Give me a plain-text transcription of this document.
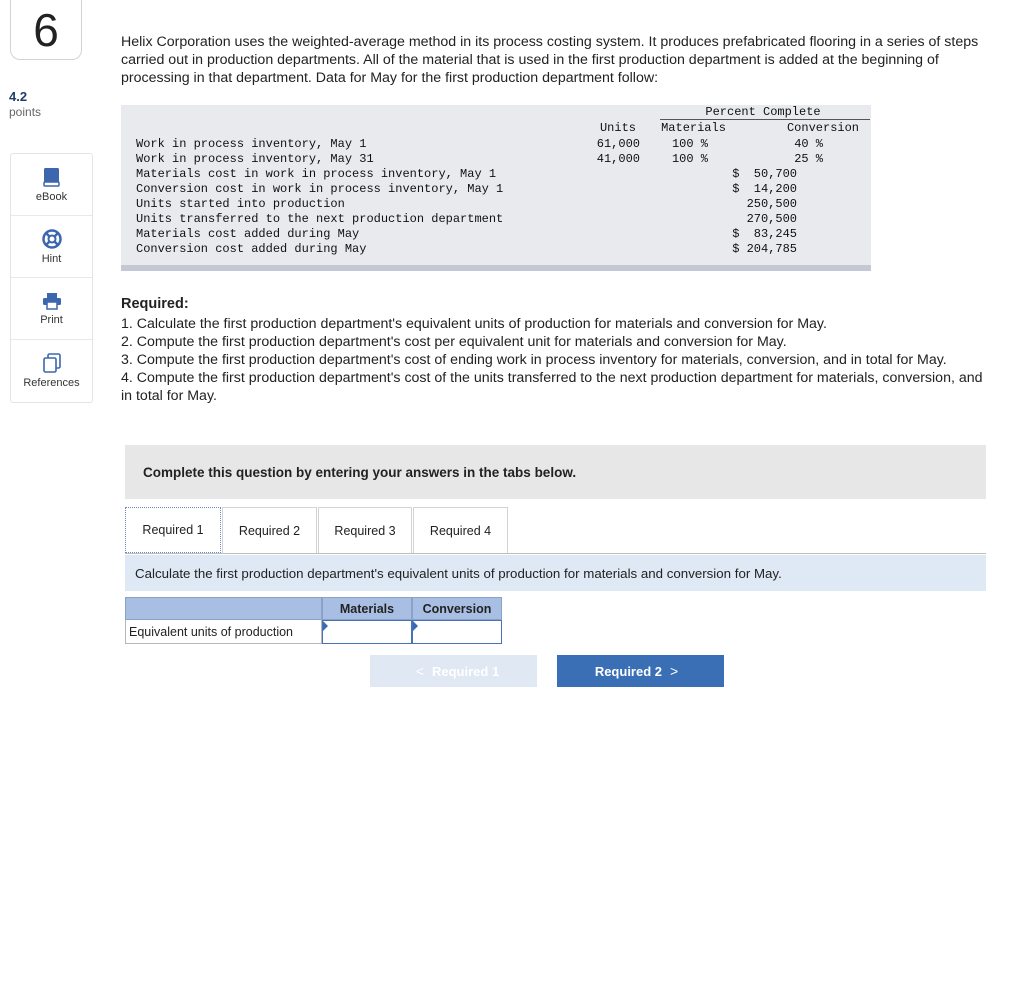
6
4.2
points
eBook
Hint
Print
References

Helix Corporation uses the weighted-average method in its process costing system. It produces prefabricated flooring in a series of steps carried out in production departments. All of the material that is used in the first production department is added at the beginning of processing in that department. Data for May for the first production department follow:

Percent Complete
Units	Materials	Conversion
Work in process inventory, May 1	61,000	100 %	40 %
Work in process inventory, May 31	41,000	100 %	25 %
Materials cost in work in process inventory, May 1	$  50,700
Conversion cost in work in process inventory, May 1	$  14,200
Units started into production	250,500
Units transferred to the next production department	270,500
Materials cost added during May	$  83,245
Conversion cost added during May	$ 204,785
Required:
1. Calculate the first production department's equivalent units of production for materials and conversion for May.
2. Compute the first production department's cost per equivalent unit for materials and conversion for May.
3. Compute the first production department's cost of ending work in process inventory for materials, conversion, and in total for May.
4. Compute the first production department's cost of the units transferred to the next production department for materials, conversion, and in total for May.
Complete this question by entering your answers in the tabs below.
Required 1	Required 2	Required 3	Required 4
Calculate the first production department's equivalent units of production for materials and conversion for May.
Materials	Conversion
Equivalent units of production
< Required 1	Required 2 >
